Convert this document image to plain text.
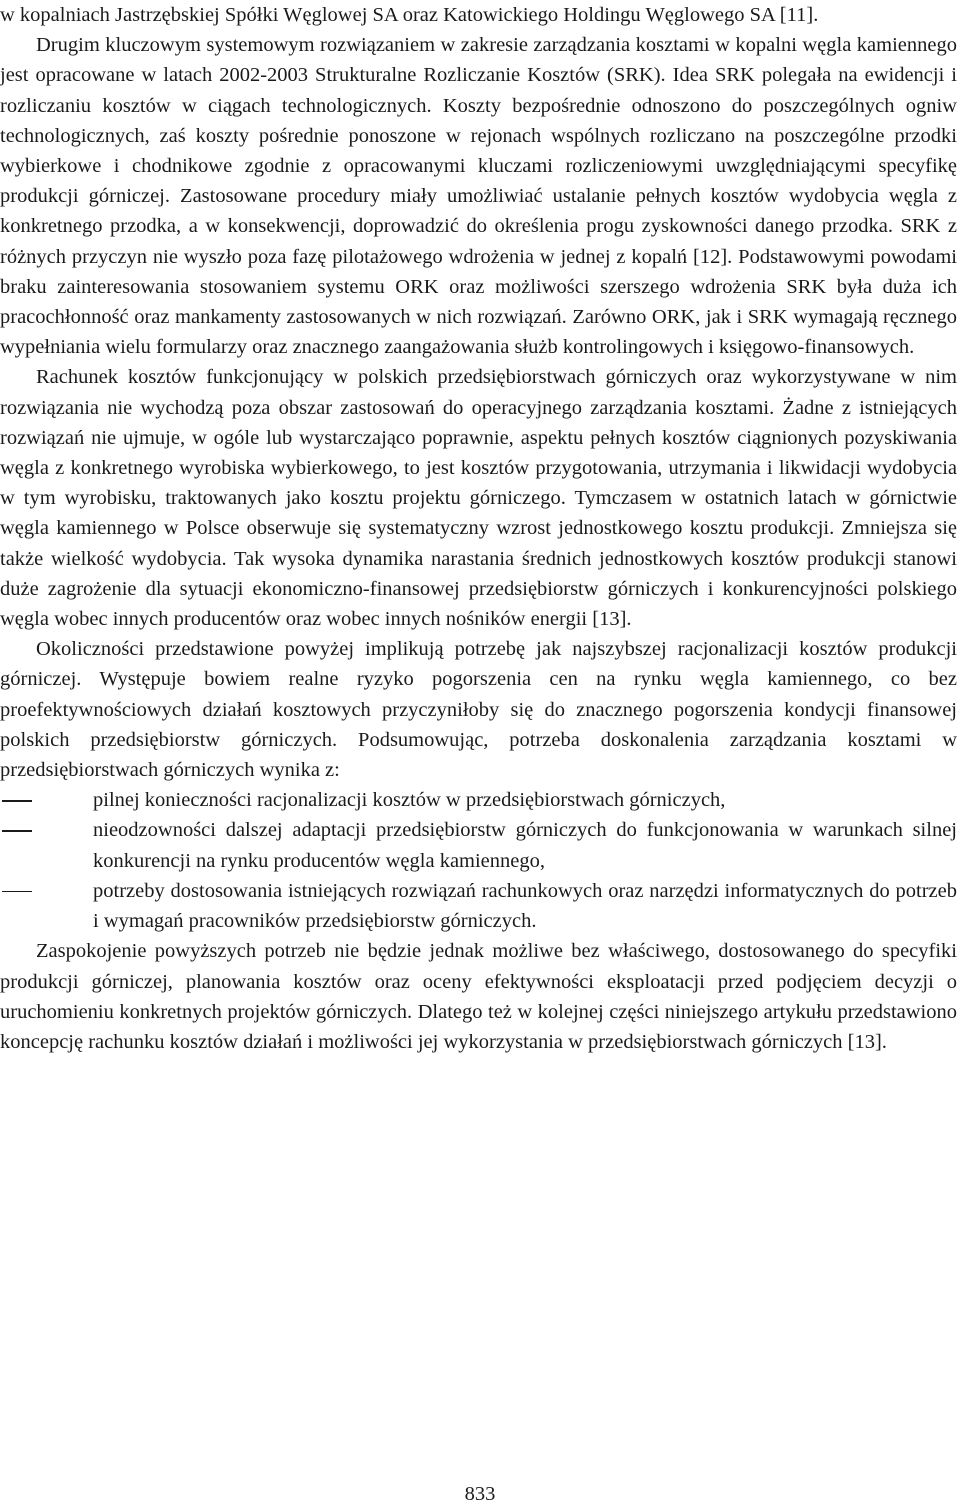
w kopalniach Jastrzębskiej Spółki Węglowej SA oraz Katowickiego Holdingu Węglowego SA [11].

Drugim kluczowym systemowym rozwiązaniem w zakresie zarządzania kosztami w kopalni węgla kamiennego jest opracowane w latach 2002-2003 Strukturalne Rozliczanie Kosztów (SRK). Idea SRK polegała na ewidencji i rozliczaniu kosztów w ciągach technologicznych. Koszty bezpośrednie odnoszono do poszczególnych ogniw technologicznych, zaś koszty pośrednie ponoszone w rejonach wspólnych rozliczano na poszczególne przodki wybierkowe i chodnikowe zgodnie z opracowanymi kluczami rozliczeniowymi uwzględniającymi specyfikę produkcji górniczej. Zastosowane procedury miały umożliwiać ustalanie pełnych kosztów wydobycia węgla z konkretnego przodka, a w konsekwencji, doprowadzić do określenia progu zyskowności danego przodka. SRK z różnych przyczyn nie wyszło poza fazę pilotażowego wdrożenia w jednej z kopalń [12]. Podstawowymi powodami braku zainteresowania stosowaniem systemu ORK oraz możliwości szerszego wdrożenia SRK była duża ich pracochłonność oraz mankamenty zastosowanych w nich rozwiązań. Zarówno ORK, jak i SRK wymagają ręcznego wypełniania wielu formularzy oraz znacznego zaangażowania służb kontrolingowych i księgowo-finansowych.

Rachunek kosztów funkcjonujący w polskich przedsiębiorstwach górniczych oraz wykorzystywane w nim rozwiązania nie wychodzą poza obszar zastosowań do operacyjnego zarządzania kosztami. Żadne z istniejących rozwiązań nie ujmuje, w ogóle lub wystarczająco poprawnie, aspektu pełnych kosztów ciągnionych pozyskiwania węgla z konkretnego wyrobiska wybierkowego, to jest kosztów przygotowania, utrzymania i likwidacji wydobycia w tym wyrobisku, traktowanych jako kosztu projektu górniczego. Tymczasem w ostatnich latach w górnictwie węgla kamiennego w Polsce obserwuje się systematyczny wzrost jednostkowego kosztu produkcji. Zmniejsza się także wielkość wydobycia. Tak wysoka dynamika narastania średnich jednostkowych kosztów produkcji stanowi duże zagrożenie dla sytuacji ekonomiczno-finansowej przedsiębiorstw górniczych i konkurencyjności polskiego węgla wobec innych producentów oraz wobec innych nośników energii [13].

Okoliczności przedstawione powyżej implikują potrzebę jak najszybszej racjonalizacji kosztów produkcji górniczej. Występuje bowiem realne ryzyko pogorszenia cen na rynku węgla kamiennego, co bez proefektywnościowych działań kosztowych przyczyniłoby się do znacznego pogorszenia kondycji finansowej polskich przedsiębiorstw górniczych. Podsumowując, potrzeba doskonalenia zarządzania kosztami w przedsiębiorstwach górniczych wynika z:

pilnej konieczności racjonalizacji kosztów w przedsiębiorstwach górniczych,
nieodzowności dalszej adaptacji przedsiębiorstw górniczych do funkcjonowania w warunkach silnej konkurencji na rynku producentów węgla kamiennego,
potrzeby dostosowania istniejących rozwiązań rachunkowych oraz narzędzi informatycznych do potrzeb i wymagań pracowników przedsiębiorstw górniczych.

Zaspokojenie powyższych potrzeb nie będzie jednak możliwe bez właściwego, dostosowanego do specyfiki produkcji górniczej, planowania kosztów oraz oceny efektywności eksploatacji przed podjęciem decyzji o uruchomieniu konkretnych projektów górniczych. Dlatego też w kolejnej części niniejszego artykułu przedstawiono koncepcję rachunku kosztów działań i możliwości jej wykorzystania w przedsiębiorstwach górniczych [13].

833
